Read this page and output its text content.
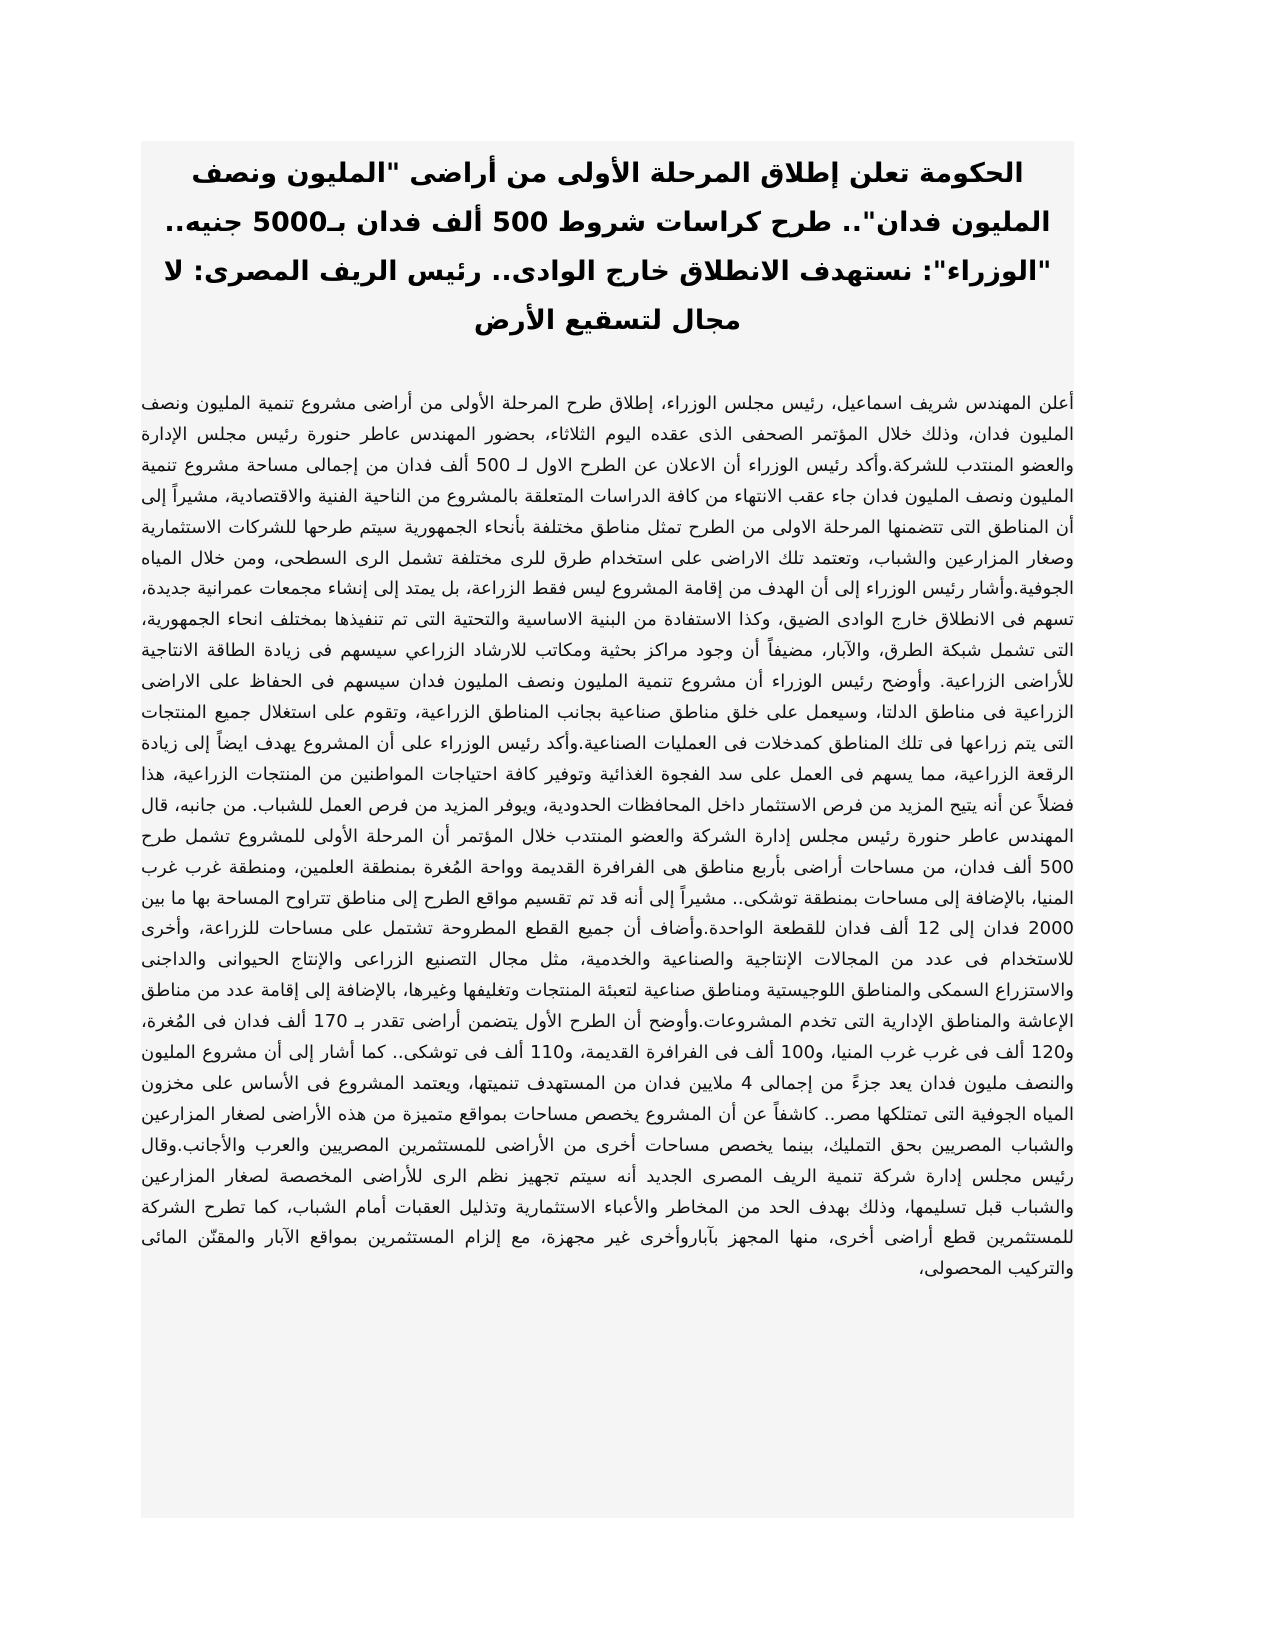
الحكومة تعلن إطلاق المرحلة الأولى من أراضى "المليون ونصف المليون فدان".. طرح كراسات شروط 500 ألف فدان بـ5000 جنيه.. "الوزراء": نستهدف الانطلاق خارج الوادى.. رئيس الريف المصرى: لا مجال لتسقيع الأرض

أعلن المهندس شريف اسماعيل، رئيس مجلس الوزراء، إطلاق طرح المرحلة الأولى من أراضى مشروع تنمية المليون ونصف المليون فدان، وذلك خلال المؤتمر الصحفى الذى عقده اليوم الثلاثاء، بحضور المهندس عاطر حنورة رئيس مجلس الإدارة والعضو المنتدب للشركة.وأكد رئيس الوزراء أن الاعلان عن الطرح الاول لـ 500 ألف فدان من إجمالى مساحة مشروع تنمية المليون ونصف المليون فدان جاء عقب الانتهاء من كافة الدراسات المتعلقة بالمشروع من الناحية الفنية والاقتصادية، مشيراً إلى أن المناطق التى تتضمنها المرحلة الاولى من الطرح تمثل مناطق مختلفة بأنحاء الجمهورية سيتم طرحها للشركات الاستثمارية وصغار المزارعين والشباب، وتعتمد تلك الاراضى على استخدام طرق للرى مختلفة تشمل الرى السطحى، ومن خلال المياه الجوفية.وأشار رئيس الوزراء إلى أن الهدف من إقامة المشروع ليس فقط الزراعة، بل يمتد إلى إنشاء مجمعات عمرانية جديدة، تسهم فى الانطلاق خارج الوادى الضيق، وكذا الاستفادة من البنية الاساسية والتحتية التى تم تنفيذها بمختلف انحاء الجمهورية، التى تشمل شبكة الطرق، والآبار، مضيفاً أن وجود مراكز بحثية ومكاتب للارشاد الزراعي سيسهم فى زيادة الطاقة الانتاجية للأراضى الزراعية. وأوضح رئيس الوزراء أن مشروع تنمية المليون ونصف المليون فدان سيسهم فى الحفاظ على الاراضى الزراعية فى مناطق الدلتا، وسيعمل على خلق مناطق صناعية بجانب المناطق الزراعية، وتقوم على استغلال جميع المنتجات التى يتم زراعها فى تلك المناطق كمدخلات فى العمليات الصناعية.وأكد رئيس الوزراء على أن المشروع يهدف ايضاً إلى زيادة الرقعة الزراعية، مما يسهم فى العمل على سد الفجوة الغذائية وتوفير كافة احتياجات المواطنين من المنتجات الزراعية، هذا فضلاً عن أنه يتيح المزيد من فرص الاستثمار داخل المحافظات الحدودية، ويوفر المزيد من فرص العمل للشباب. من جانبه، قال المهندس عاطر حنورة رئيس مجلس إدارة الشركة والعضو المنتدب خلال المؤتمر أن المرحلة الأولى للمشروع تشمل طرح 500 ألف فدان، من مساحات أراضى بأربع مناطق هى الفرافرة القديمة وواحة المُغرة بمنطقة العلمين، ومنطقة غرب غرب المنيا، بالإضافة إلى مساحات بمنطقة توشكى.. مشيراً إلى أنه قد تم تقسيم مواقع الطرح إلى مناطق تتراوح المساحة بها ما بين 2000 فدان إلى 12 ألف فدان للقطعة الواحدة.وأضاف أن جميع القطع المطروحة تشتمل على مساحات للزراعة، وأخرى للاستخدام فى عدد من المجالات الإنتاجية والصناعية والخدمية، مثل مجال التصنيع الزراعى والإنتاج الحيوانى والداجنى والاستزراع السمكى والمناطق اللوجيستية ومناطق صناعية لتعبئة المنتجات وتغليفها وغيرها، بالإضافة إلى إقامة عدد من مناطق الإعاشة والمناطق الإدارية التى تخدم المشروعات.وأوضح أن الطرح الأول يتضمن أراضى تقدر بـ 170 ألف فدان فى المُغرة، و120 ألف فى غرب غرب المنيا، و100 ألف فى الفرافرة القديمة، و110 ألف فى توشكى.. كما أشار إلى أن مشروع المليون والنصف مليون فدان يعد جزءً من إجمالى 4 ملايين فدان من المستهدف تنميتها، ويعتمد المشروع فى الأساس على مخزون المياه الجوفية التى تمتلكها مصر.. كاشفاً عن أن المشروع يخصص مساحات بمواقع متميزة من هذه الأراضى لصغار المزارعين والشباب المصريين بحق التمليك، بينما يخصص مساحات أخرى من الأراضى للمستثمرين المصريين والعرب والأجانب.وقال رئيس مجلس إدارة شركة تنمية الريف المصرى الجديد أنه سيتم تجهيز نظم الرى للأراضى المخصصة لصغار المزارعين والشباب قبل تسليمها، وذلك بهدف الحد من المخاطر والأعباء الاستثمارية وتذليل العقبات أمام الشباب، كما تطرح الشركة للمستثمرين قطع أراضى أخرى، منها المجهز بآباروأخرى غير مجهزة، مع إلزام المستثمرين بمواقع الآبار والمقنّن المائى والتركيب المحصولى،
